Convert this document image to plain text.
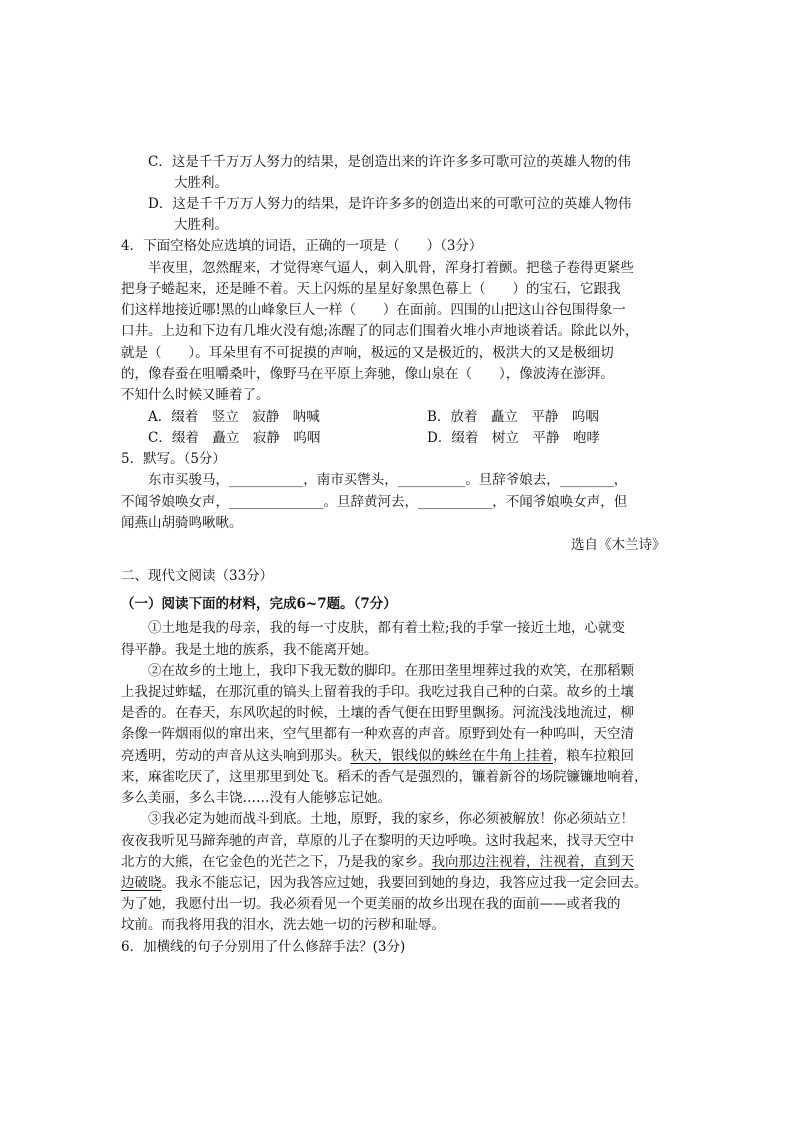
C．这是千千万万人努力的结果，是创造出来的许许多多可歌可泣的英雄人物的伟
大胜利。
D．这是千千万万人努力的结果，是许许多多的创造出来的可歌可泣的英雄人物伟
大胜利。
4．下面空格处应选填的词语，正确的一项是（　　）（3分）
　　半夜里，忽然醒来，才觉得寒气逼人，刺入肌骨，浑身打着颤。把毯子卷得更紧些
把身子蜷起来，还是睡不着。天上闪烁的星星好象黑色幕上（　　）的宝石，它跟我
们这样地接近哪!黑的山峰象巨人一样（　　）在面前。四围的山把这山谷包围得象一
口井。上边和下边有几堆火没有熄;冻醒了的同志们围着火堆小声地谈着话。除此以外，
就是（　　）。耳朵里有不可捉摸的声响，极远的又是极近的，极洪大的又是极细切
的，像春蚕在咀嚼桑叶，像野马在平原上奔驰，像山泉在（　　），像波涛在澎湃。
不知什么时候又睡着了。
A．缀着　竖立　寂静　呐喊	B．放着　矗立　平静　呜咽
C．缀着　矗立　寂静　呜咽	D．缀着　树立　平静　咆哮
5．默写。（5分）
　　东市买骏马，___________，南市买辔头，__________。旦辞爷娘去，________，
不闻爷娘唤女声，______________。旦辞黄河去，___________，不闻爷娘唤女声，但
闻燕山胡骑鸣啾啾。
选自《木兰诗》
二、现代文阅读（33分）
（一）阅读下面的材料，完成6~7题。（7分）
　　①土地是我的母亲，我的每一寸皮肤，都有着土粒;我的手掌一接近土地，心就变
得平静。我是土地的族系，我不能离开她。
　　②在故乡的土地上，我印下我无数的脚印。在那田垄里埋葬过我的欢笑，在那稻颗
上我捉过蚱蜢，在那沉重的镐头上留着我的手印。我吃过我自己种的白菜。故乡的土壤
是香的。在春天，东风吹起的时候，土壤的香气便在田野里飘扬。河流浅浅地流过，柳
条像一阵烟雨似的窜出来，空气里都有一种欢喜的声音。原野到处有一种呜叫，天空清
亮透明，劳动的声音从这头响到那头。秋天，银线似的蛛丝在牛角上挂着，粮车拉粮回
来，麻雀吃厌了，这里那里到处飞。稻禾的香气是强烈的，镰着新谷的场院镰镰地响着，
多么美丽，多么丰饶……没有人能够忘记她。
　　③我必定为她而战斗到底。土地，原野，我的家乡，你必须被解放！你必须站立！
夜夜我听见马蹄奔驰的声音，草原的儿子在黎明的天边呼唤。这时我起来，找寻天空中
北方的大熊，在它金色的光芒之下，乃是我的家乡。我向那边注视着，注视着，直到天
边破晓。我永不能忘记，因为我答应过她，我要回到她的身边，我答应过我一定会回去。
为了她，我愿付出一切。我必须看见一个更美丽的故乡出现在我的面前——或者我的
坟前。而我将用我的泪水，洗去她一切的污秽和耻辱。
6．加横线的句子分别用了什么修辞手法？(3分)
